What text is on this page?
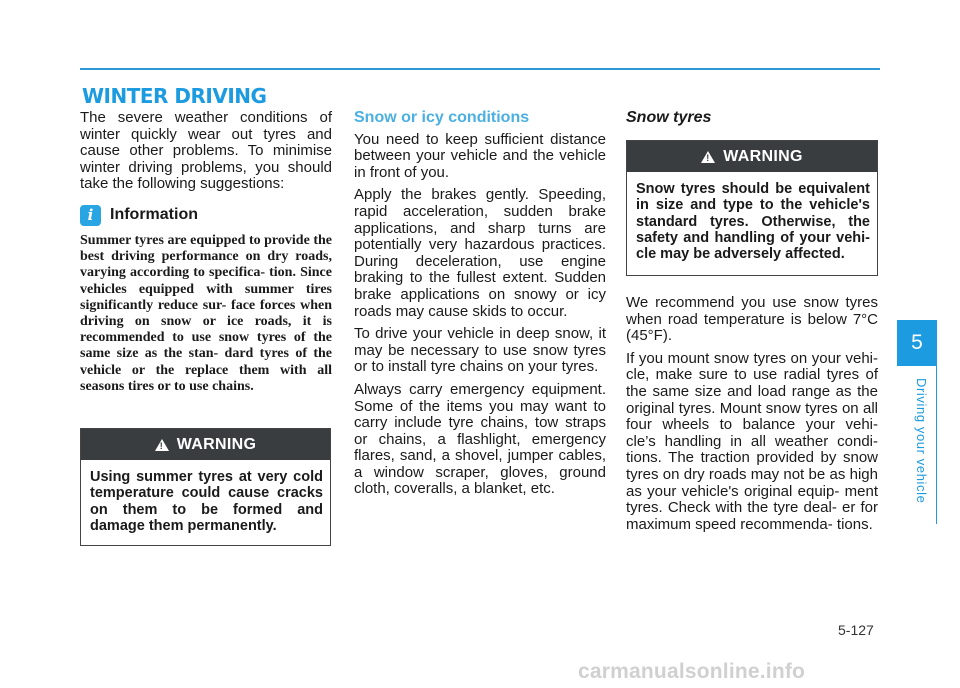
WINTER DRIVING

The severe weather conditions of winter quickly wear out tyres and cause other problems. To minimise winter driving problems, you should take the following suggestions:

i	Information

Summer tyres are equipped to provide the best driving performance on dry roads, varying according to specifica- tion. Since vehicles equipped with summer tires significantly reduce sur- face forces when driving on snow or ice roads, it is recommended to use snow tyres of the same size as the stan- dard tyres of the vehicle or the replace them with all seasons tires or to use chains.

! WARNING

Using summer tyres at very cold temperature could cause cracks on them to be formed and damage them permanently.

Snow or icy conditions

You need to keep sufficient distance between your vehicle and the vehicle in front of you.

Apply the brakes gently. Speeding, rapid acceleration, sudden brake applications, and sharp turns are potentially very hazardous practices. During deceleration, use engine braking to the fullest extent. Sudden brake applications on snowy or icy roads may cause skids to occur.

To drive your vehicle in deep snow, it may be necessary to use snow tyres or to install tyre chains on your tyres.

Always carry emergency equipment. Some of the items you may want to carry include tyre chains, tow straps or chains, a flashlight, emergency flares, sand, a shovel, jumper cables, a window scraper, gloves, ground cloth, coveralls, a blanket, etc.

Snow tyres
! WARNING

Snow tyres should be equivalent in size and type to the vehicle's standard tyres. Otherwise, the safety and handling of your vehi- cle may be adversely affected.

We recommend you use snow tyres when road temperature is below 7°C (45°F).

If you mount snow tyres on your vehi- cle, make sure to use radial tyres of the same size and load range as the original tyres. Mount snow tyres on all four wheels to balance your vehi- cle’s handling in all weather condi- tions. The traction provided by snow tyres on dry roads may not be as high as your vehicle's original equip- ment tyres. Check with the tyre deal- er for maximum speed recommenda- tions.

5
Driving your vehicle
5-127
carmanualsonline.info
